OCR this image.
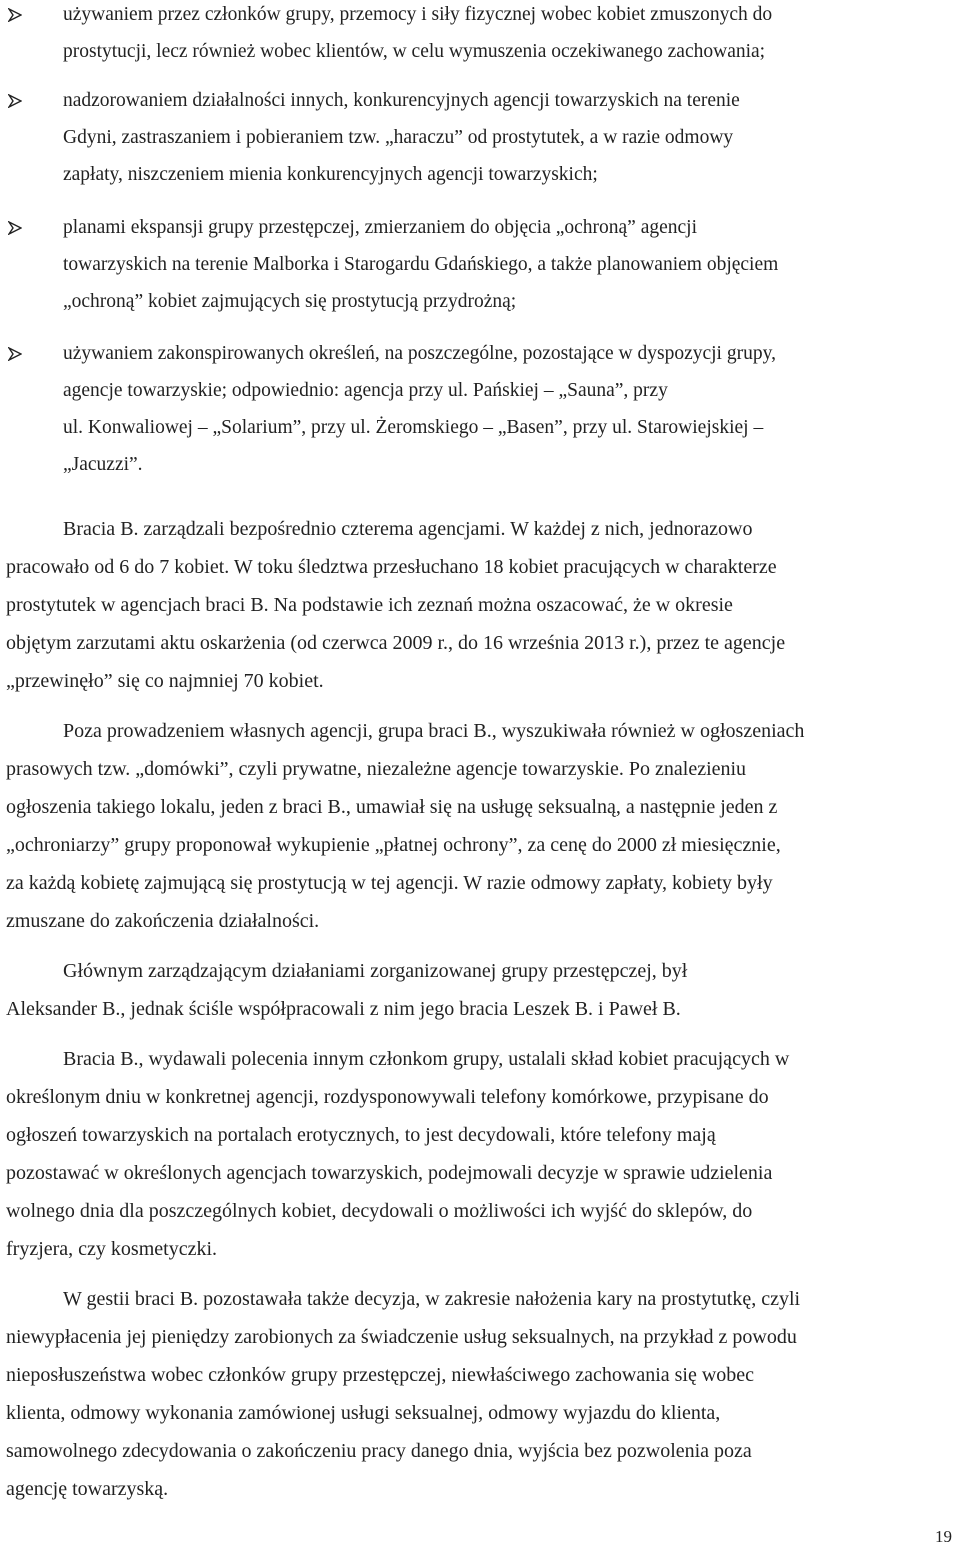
używaniem przez członków grupy, przemocy i siły fizycznej wobec kobiet zmuszonych do
prostytucji, lecz również wobec klientów, w celu wymuszenia oczekiwanego zachowania;
nadzorowaniem działalności innych, konkurencyjnych agencji towarzyskich na terenie
Gdyni, zastraszaniem i pobieraniem tzw. „haraczu” od prostytutek, a w razie odmowy
zapłaty, niszczeniem mienia konkurencyjnych agencji towarzyskich;
planami ekspansji grupy przestępczej, zmierzaniem do objęcia „ochroną” agencji
towarzyskich na terenie Malborka i Starogardu Gdańskiego, a także planowaniem objęciem
„ochroną” kobiet zajmujących się prostytucją przydrożną;
używaniem zakonspirowanych określeń, na poszczególne, pozostające w dyspozycji grupy,
agencje towarzyskie; odpowiednio: agencja przy ul. Pańskiej – „Sauna”, przy
ul. Konwaliowej – „Solarium”, przy ul. Żeromskiego – „Basen”, przy ul. Starowiejskiej –
„Jacuzzi”.
Bracia B. zarządzali bezpośrednio czterema agencjami. W każdej z nich, jednorazowo
pracowało od 6 do 7 kobiet. W toku śledztwa przesłuchano 18 kobiet pracujących w charakterze
prostytutek w agencjach braci B. Na podstawie ich zeznań można oszacować, że w okresie
objętym zarzutami aktu oskarżenia (od czerwca 2009 r., do 16 września 2013 r.), przez te agencje
„przewinęło” się co najmniej 70 kobiet.
Poza prowadzeniem własnych agencji, grupa braci B., wyszukiwała również w ogłoszeniach
prasowych tzw. „domówki”, czyli prywatne, niezależne agencje towarzyskie. Po znalezieniu
ogłoszenia takiego lokalu, jeden z braci B., umawiał się na usługę seksualną, a następnie jeden z
„ochroniarzy” grupy proponował wykupienie „płatnej ochrony”, za cenę do 2000 zł miesięcznie,
za każdą kobietę zajmującą się prostytucją w tej agencji. W razie odmowy zapłaty, kobiety były
zmuszane do zakończenia działalności.
Głównym zarządzającym działaniami zorganizowanej grupy przestępczej, był
Aleksander B., jednak ściśle współpracowali z nim jego bracia Leszek B. i Paweł B.
Bracia B., wydawali polecenia innym członkom grupy, ustalali skład kobiet pracujących w
określonym dniu w konkretnej agencji, rozdysponowywali telefony komórkowe, przypisane do
ogłoszeń towarzyskich na portalach erotycznych, to jest decydowali, które telefony mają
pozostawać w określonych agencjach towarzyskich, podejmowali decyzje w sprawie udzielenia
wolnego dnia dla poszczególnych kobiet, decydowali o możliwości ich wyjść do sklepów, do
fryzjera, czy kosmetyczki.
W gestii braci B. pozostawała także decyzja, w zakresie nałożenia kary na prostytutkę, czyli
niewypłacenia jej pieniędzy zarobionych za świadczenie usług seksualnych, na przykład z powodu
nieposłuszeństwa wobec członków grupy przestępczej, niewłaściwego zachowania się wobec
klienta, odmowy wykonania zamówionej usługi seksualnej, odmowy wyjazdu do klienta,
samowolnego zdecydowania o zakończeniu pracy danego dnia, wyjścia bez pozwolenia poza
agencję towarzyską.
19
